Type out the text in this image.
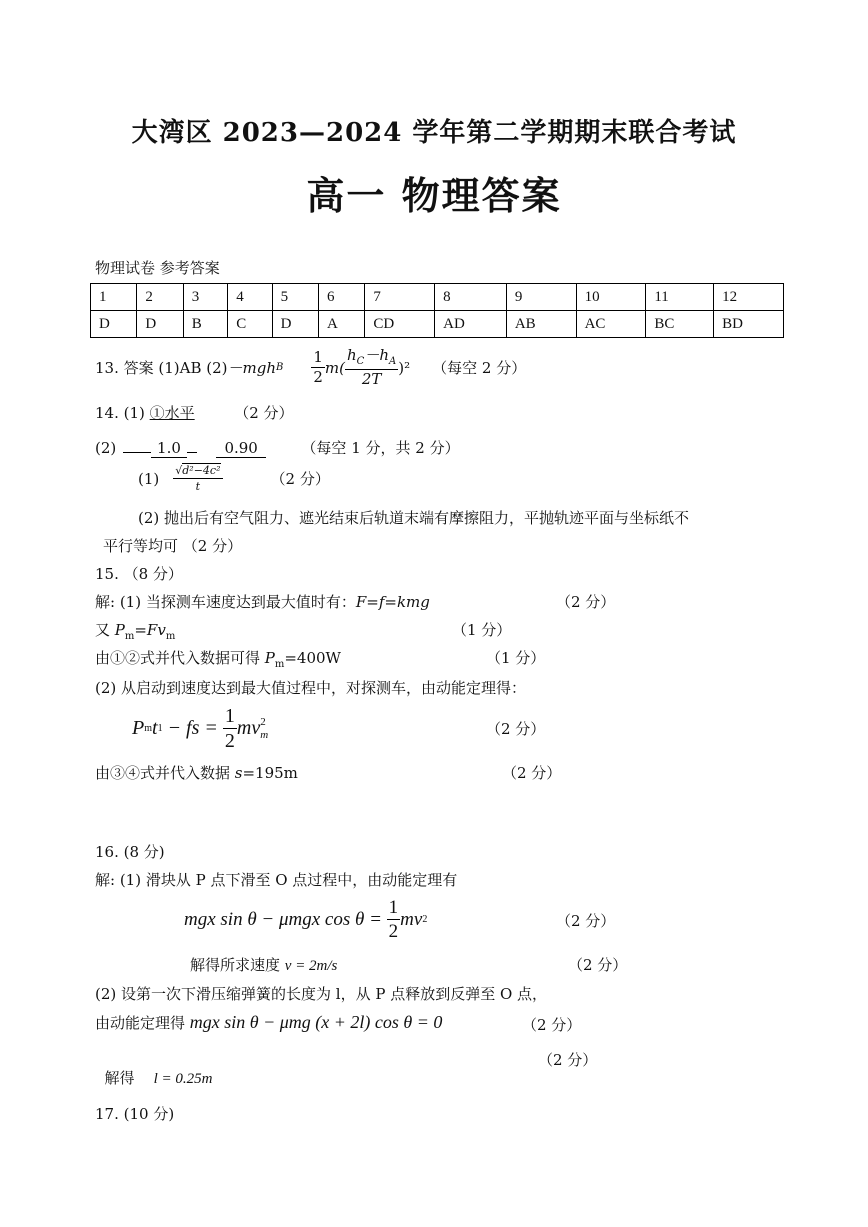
大湾区 2023—2024 学年第二学期期末联合考试
高一 物理答案
物理试卷 参考答案
1	2	3	4	5	6	7	8	9	10	11	12
D	D	B	C	D	A	CD	AD	AB	AC	BC	BD
13. 答案 (1)AB (2) －mgh B $\frac{1}{2} m( \frac{h_C-h_A}{2T} )^2$ （每空 2 分）
14. (1) ①水平	（2 分）
(2)	1.0	0.90	（每空 1 分，共 2 分）
$(1) \frac{\text{√d²−4c²}}{t}$	（2 分）
(2) 抛出后有空气阻力、遮光结束后轨道末端有摩擦阻力，平抛轨迹平面与坐标纸不
平行等均可 （2 分）
15. （8 分）
解: (1) 当探测车速度达到最大值时有：F=f=kmg	（2 分）
又 $P_m=Fv_m$	（1 分）
由①②式并代入数据可得 $P_m=400W$	（1 分）
(2) 从启动到速度达到最大值过程中，对探测车，由动能定理得：
P m t 1 − fs = $\frac{1}{2}$ mv 2
m	（2 分）
由③④式并代入数据 s=195m	（2 分）
16. (8 分)
解: (1) 滑块从 P 点下滑至 O 点过程中，由动能定理有
mgx sin θ − μmgx $\cos \theta = \frac{1}{2}$ mv 2	（2 分）
解得所求速度 v = 2m/s	（2 分）
(2) 设第一次下滑压缩弹簧的长度为 l，从 P 点释放到反弹至 O 点，
由动能定理得 mgx sin θ − μmg (x + 2l) cos θ = 0	（2 分）

解得    l = 0.25m

（2 分）
17. (10 分)
